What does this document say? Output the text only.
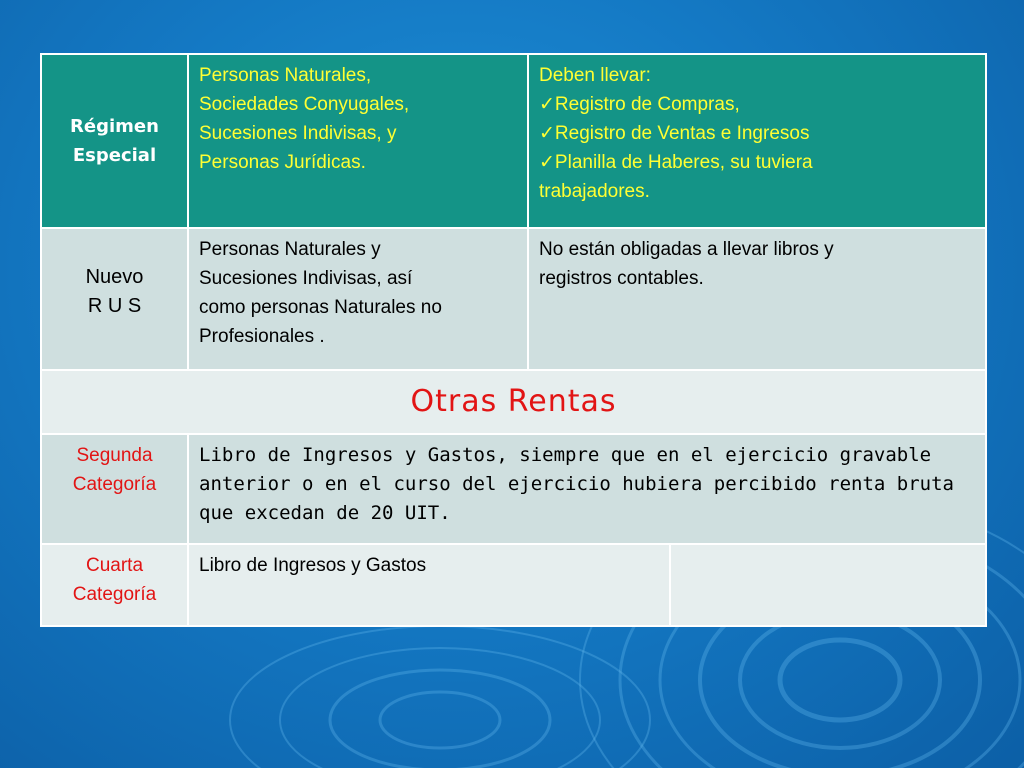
Régimen
Especial	Personas Naturales,
Sociedades Conyugales,
Sucesiones Indivisas, y
Personas Jurídicas.	Deben llevar:
✓ Registro de Compras,
✓ Registro de Ventas e Ingresos
✓ Planilla de Haberes, su tuviera
trabajadores.

Nuevo
R U S	Personas Naturales y
Sucesiones Indivisas, así
como personas Naturales no
Profesionales .	No están obligadas a llevar libros y
registros contables.	

Otras Rentas			

Segunda
Categoría	Libro de Ingresos y Gastos, siempre que en el ejercicio gravable
anterior o en el curso del ejercicio hubiera percibido renta bruta
que excedan de 20 UIT.		

Cuarta
Categoría	Libro de Ingresos y Gastos		
